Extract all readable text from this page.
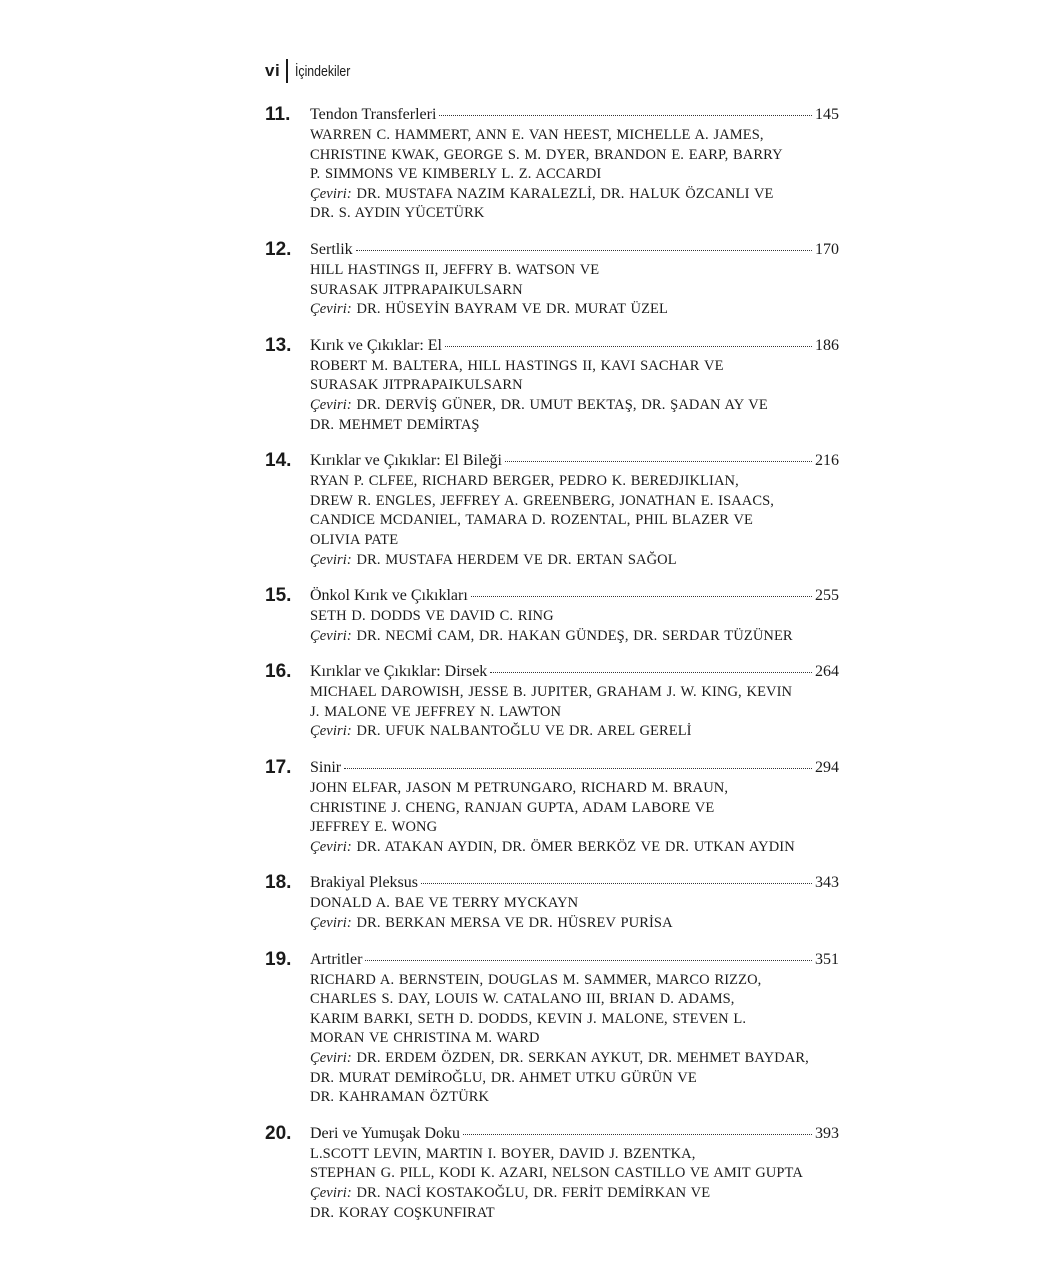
vi İçindekiler
11. Tendon Transferleri	145
WARREN C. HAMMERT, ANN E. VAN HEEST, MICHELLE A. JAMES,
CHRISTINE KWAK, GEORGE S. M. DYER, BRANDON E. EARP, BARRY
P. SIMMONS VE KIMBERLY L. Z. ACCARDI
Çeviri: DR. MUSTAFA NAZIM KARALEZLİ, DR. HALUK ÖZCANLI VE
DR. S. AYDIN YÜCETÜRK
12. Sertlik	170
HILL HASTINGS II, JEFFRY B. WATSON VE
SURASAK JITPRAPAIKULSARN
Çeviri: DR. HÜSEYİN BAYRAM VE DR. MURAT ÜZEL
13. Kırık ve Çıkıklar: El	186
ROBERT M. BALTERA, HILL HASTINGS II, KAVI SACHAR VE
SURASAK JITPRAPAIKULSARN
Çeviri: DR. DERVİŞ GÜNER, DR. UMUT BEKTAŞ, DR. ŞADAN AY VE
DR. MEHMET DEMİRTAŞ
14. Kırıklar ve Çıkıklar: El Bileği	216
RYAN P. CLFEE, RICHARD BERGER, PEDRO K. BEREDJIKLIAN,
DREW R. ENGLES, JEFFREY A. GREENBERG, JONATHAN E. ISAACS,
CANDICE MCDANIEL, TAMARA D. ROZENTAL, PHIL BLAZER VE
OLIVIA PATE
Çeviri: DR. MUSTAFA HERDEM VE DR. ERTAN SAĞOL
15. Önkol Kırık ve Çıkıkları	255
SETH D. DODDS VE DAVID C. RING
Çeviri: DR. NECMİ CAM, DR. HAKAN GÜNDEŞ, DR. SERDAR TÜZÜNER
16. Kırıklar ve Çıkıklar: Dirsek	264
MICHAEL DAROWISH, JESSE B. JUPITER, GRAHAM J. W. KING, KEVIN
J. MALONE VE JEFFREY N. LAWTON
Çeviri: DR. UFUK NALBANTOĞLU VE DR. AREL GERELİ
17. Sinir	294
JOHN ELFAR, JASON M PETRUNGARO, RICHARD M. BRAUN,
CHRISTINE J. CHENG, RANJAN GUPTA, ADAM LABORE VE
JEFFREY E. WONG
Çeviri: DR. ATAKAN AYDIN, DR. ÖMER BERKÖZ VE DR. UTKAN AYDIN
18. Brakiyal Pleksus	343
DONALD A. BAE VE TERRY MYCKAYN
Çeviri: DR. BERKAN MERSA VE DR. HÜSREV PURİSA
19. Artritler	351
RICHARD A. BERNSTEIN, DOUGLAS M. SAMMER, MARCO RIZZO,
CHARLES S. DAY, LOUIS W. CATALANO III, BRIAN D. ADAMS,
KARIM BARKI, SETH D. DODDS, KEVIN J. MALONE, STEVEN L.
MORAN VE CHRISTINA M. WARD
Çeviri: DR. ERDEM ÖZDEN, DR. SERKAN AYKUT, DR. MEHMET BAYDAR,
DR. MURAT DEMİROĞLU, DR. AHMET UTKU GÜRÜN VE
DR. KAHRAMAN ÖZTÜRK
20. Deri ve Yumuşak Doku	393
L.SCOTT LEVIN, MARTIN I. BOYER, DAVID J. BZENTKA,
STEPHAN G. PILL, KODI K. AZARI, NELSON CASTILLO VE AMIT GUPTA
Çeviri: DR. NACİ KOSTAKOĞLU, DR. FERİT DEMİRKAN VE
DR. KORAY COŞKUNFIRAT
